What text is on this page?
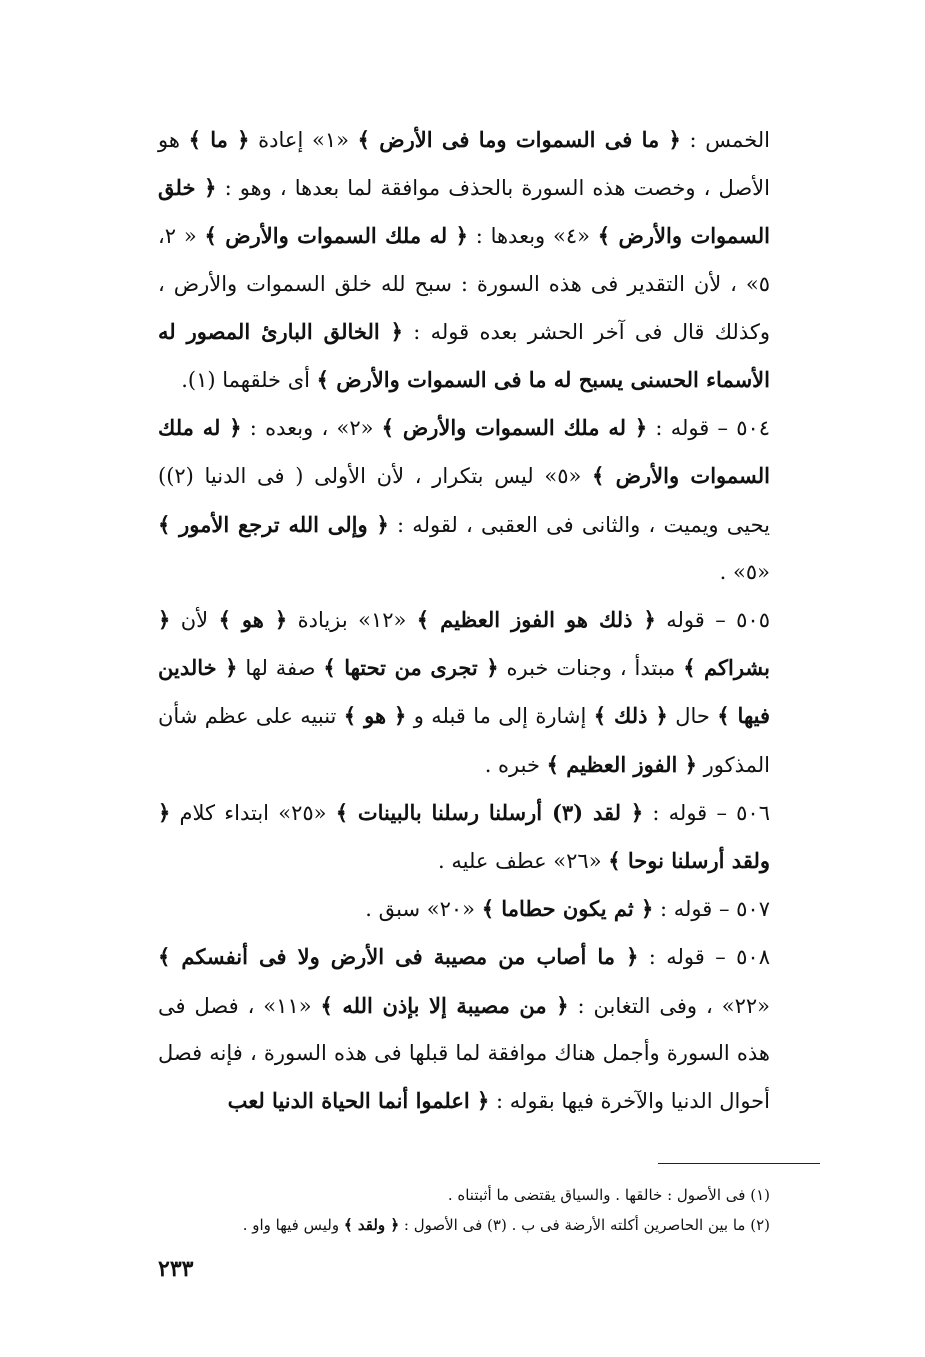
الخمس : ﴿ ما فى السموات وما فى الأرض ﴾ «١» إعادة ﴿ ما ﴾ هو الأصل ، وخصت هذه السورة بالحذف موافقة لما بعدها ، وهو : ﴿ خلق السموات والأرض ﴾ «٤» وبعدها : ﴿ له ملك السموات والأرض ﴾ « ٢، ٥» ، لأن التقدير فى هذه السورة : سبح لله خلق السموات والأرض ، وكذلك قال فى آخر الحشر بعده قوله : ﴿ الخالق البارئ المصور له الأسماء الحسنى يسبح له ما فى السموات والأرض ﴾ أى خلقهما (١).

٥٠٤ – قوله : ﴿ له ملك السموات والأرض ﴾ «٢» ، وبعده : ﴿ له ملك السموات والأرض ﴾ «٥» ليس بتكرار ، لأن الأولى ( فى الدنيا (٢)) يحيى ويميت ، والثانى فى العقبى ، لقوله : ﴿ وإلى الله ترجع الأمور ﴾ «٥» .

٥٠٥ – قوله ﴿ ذلك هو الفوز العظيم ﴾ «١٢» بزيادة ﴿ هو ﴾ لأن ﴿ بشراكم ﴾ مبتدأ ، وجنات خبره ﴿ تجرى من تحتها ﴾ صفة لها ﴿ خالدين فيها ﴾ حال ﴿ ذلك ﴾ إشارة إلى ما قبله و ﴿ هو ﴾ تنبيه على عظم شأن المذكور ﴿ الفوز العظيم ﴾ خبره .

٥٠٦ – قوله : ﴿ لقد (٣) أرسلنا رسلنا بالبينات ﴾ «٢٥» ابتداء كلام ﴿ ولقد أرسلنا نوحا ﴾ «٢٦» عطف عليه .

٥٠٧ – قوله : ﴿ ثم يكون حطاما ﴾ «٢٠» سبق .

٥٠٨ – قوله : ﴿ ما أصاب من مصيبة فى الأرض ولا فى أنفسكم ﴾ «٢٢» ، وفى التغابن : ﴿ من مصيبة إلا بإذن الله ﴾ «١١» ، فصل فى هذه السورة وأجمل هناك موافقة لما قبلها فى هذه السورة ، فإنه فصل أحوال الدنيا والآخرة فيها بقوله : ﴿ اعلموا أنما الحياة الدنيا لعب

(١) فى الأصول : خالقها . والسياق يقتضى ما أثبتناه .

(٢) ما بين الحاصرين أكلته الأرضة فى ب . (٣) فى الأصول : ﴿ ولقد ﴾ وليس فيها واو .

٢٣٣
